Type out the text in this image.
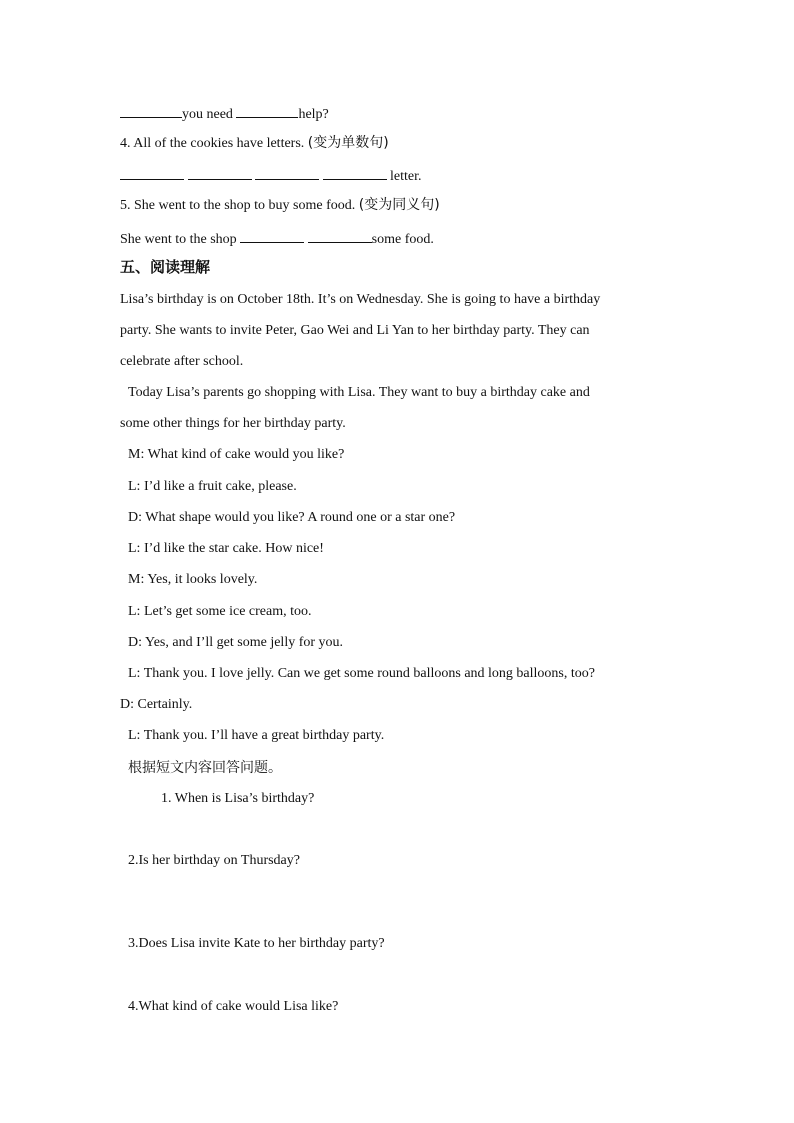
you need	help?
4. All of the cookies have letters. (变为单数句)
letter.
5. She went to the shop to buy some food. (变为同义句)
She went to the shop	some food.
五、阅读理解
Lisa’s birthday is on October 18th. It’s on Wednesday. She is going to have a birthday
party. She wants to invite Peter, Gao Wei and Li Yan to her birthday party. They can
celebrate after school.
Today Lisa’s parents go shopping with Lisa. They want to buy a birthday cake and
some other things for her birthday party.
M: What kind of cake would you like?
L: I’d like a fruit cake, please.
D: What shape would you like? A round one or a star one?
L: I’d like the star cake. How nice!
M: Yes, it looks lovely.
L: Let’s get some ice cream, too.
D: Yes, and I’ll get some jelly for you.
L: Thank you. I love jelly. Can we get some round balloons and long balloons, too?
D: Certainly.
L: Thank you. I’ll have a great birthday party.
根据短文内容回答问题。
1. When is Lisa’s birthday?
2.Is her birthday on Thursday?
3.Does Lisa invite Kate to her birthday party?
4.What kind of cake would Lisa like?
